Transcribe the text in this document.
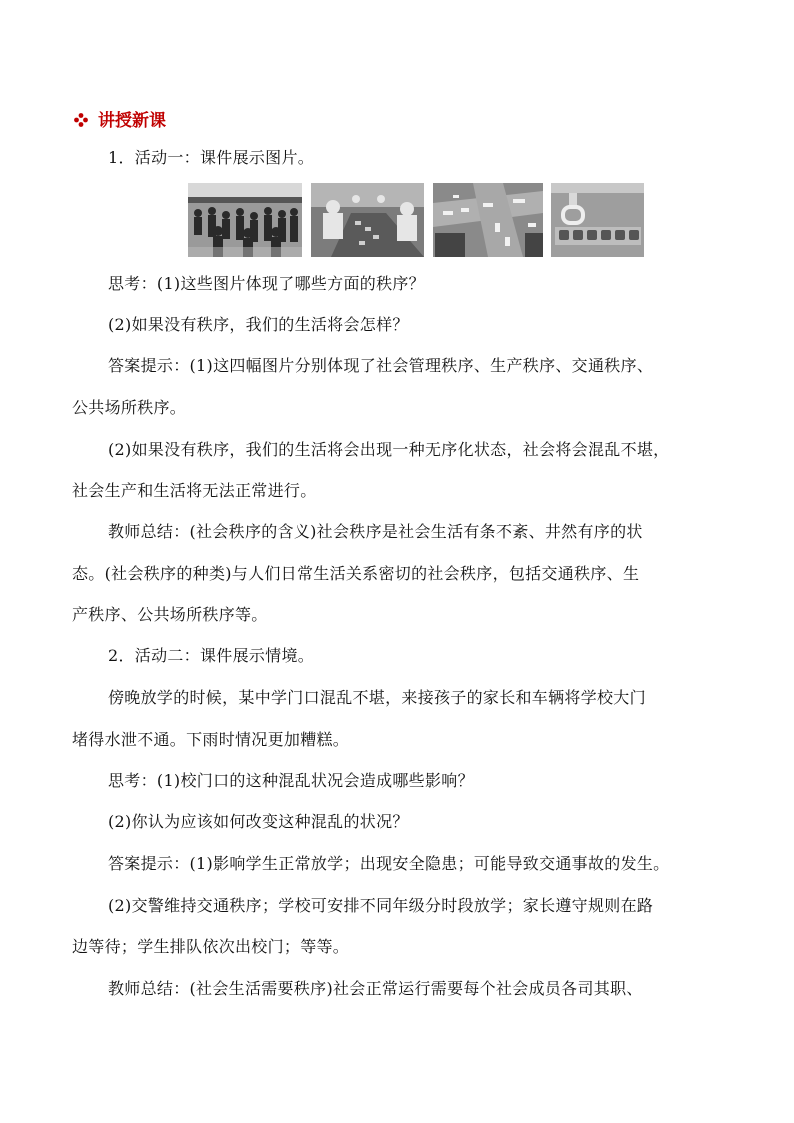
讲授新课
1．活动一：课件展示图片。
思考：(1)这些图片体现了哪些方面的秩序？
(2)如果没有秩序，我们的生活将会怎样？
答案提示：(1)这四幅图片分别体现了社会管理秩序、生产秩序、交通秩序、
公共场所秩序。
(2)如果没有秩序，我们的生活将会出现一种无序化状态，社会将会混乱不堪，
社会生产和生活将无法正常进行。
教师总结：(社会秩序的含义)社会秩序是社会生活有条不紊、井然有序的状
态。(社会秩序的种类)与人们日常生活关系密切的社会秩序，包括交通秩序、生
产秩序、公共场所秩序等。
2．活动二：课件展示情境。
傍晚放学的时候，某中学门口混乱不堪，来接孩子的家长和车辆将学校大门
堵得水泄不通。下雨时情况更加糟糕。
思考：(1)校门口的这种混乱状况会造成哪些影响？
(2)你认为应该如何改变这种混乱的状况？
答案提示：(1)影响学生正常放学；出现安全隐患；可能导致交通事故的发生。
(2)交警维持交通秩序；学校可安排不同年级分时段放学；家长遵守规则在路
边等待；学生排队依次出校门；等等。
教师总结：(社会生活需要秩序)社会正常运行需要每个社会成员各司其职、
